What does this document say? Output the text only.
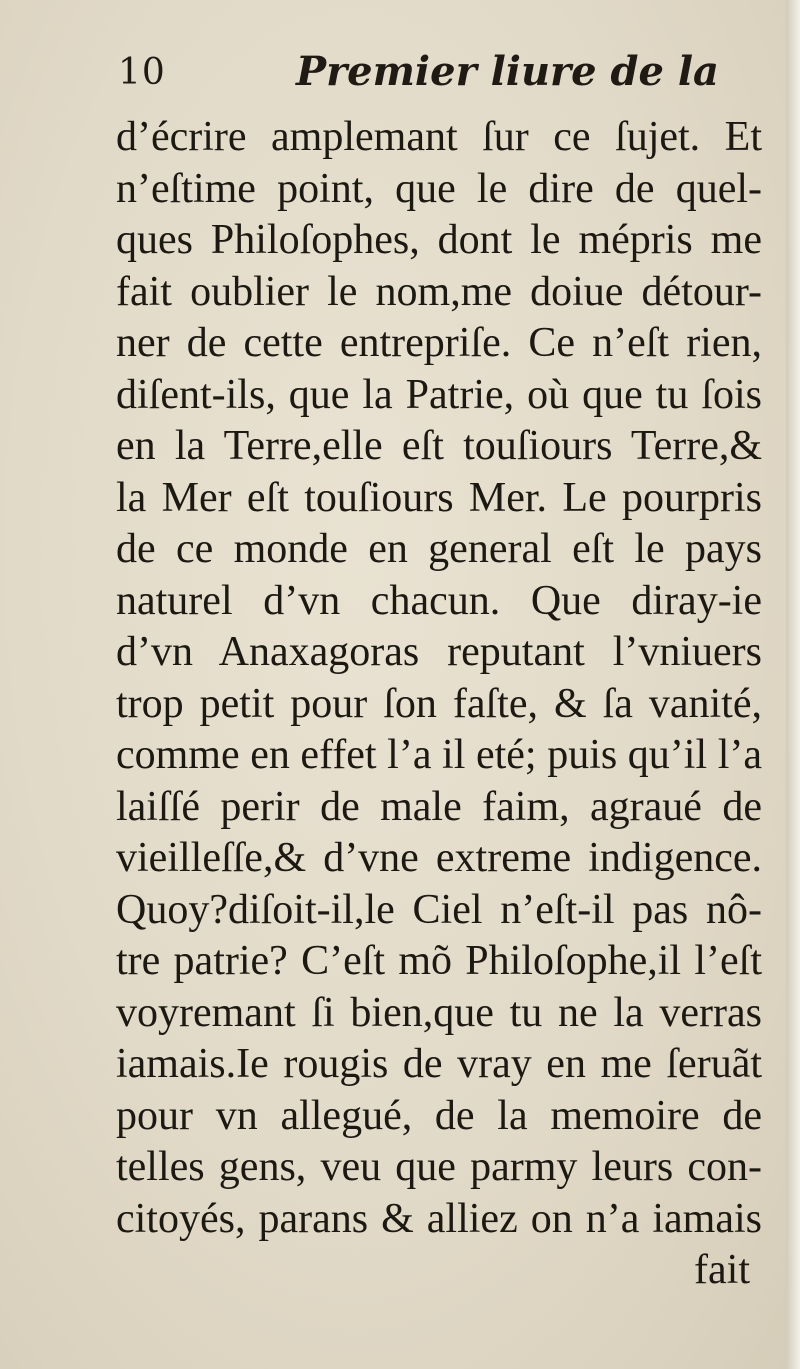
10	Premier liure de la
d’écrire amplemant ſur ce ſujet. Et
n’eſtime point, que le dire de quel-
ques Philoſophes, dont le mépris me
fait oublier le nom,me doiue détour-
ner de cette entrepriſe. Ce n’eſt rien,
diſent-ils, que la Patrie, où que tu ſois
en la Terre,elle eſt touſiours Terre,&
la Mer eſt touſiours Mer. Le pourpris
de ce monde en general eſt le pays
naturel d’vn chacun. Que diray-ie
d’vn Anaxagoras reputant l’vniuers
trop petit pour ſon faſte, & ſa vanité,
comme en effet l’a il eté; puis qu’il l’a
laiſſé perir de male faim, agraué de
vieilleſſe,& d’vne extreme indigence.
Quoy?diſoit-il,le Ciel n’eſt-il pas nô-
tre patrie? C’eſt mõ Philoſophe,il l’eſt
voyremant ſi bien,que tu ne la verras
iamais.Ie rougis de vray en me ſeruãt
pour vn allegué, de la memoire de
telles gens, veu que parmy leurs con-
citoyés, parans & alliez on n’a iamais
fait
